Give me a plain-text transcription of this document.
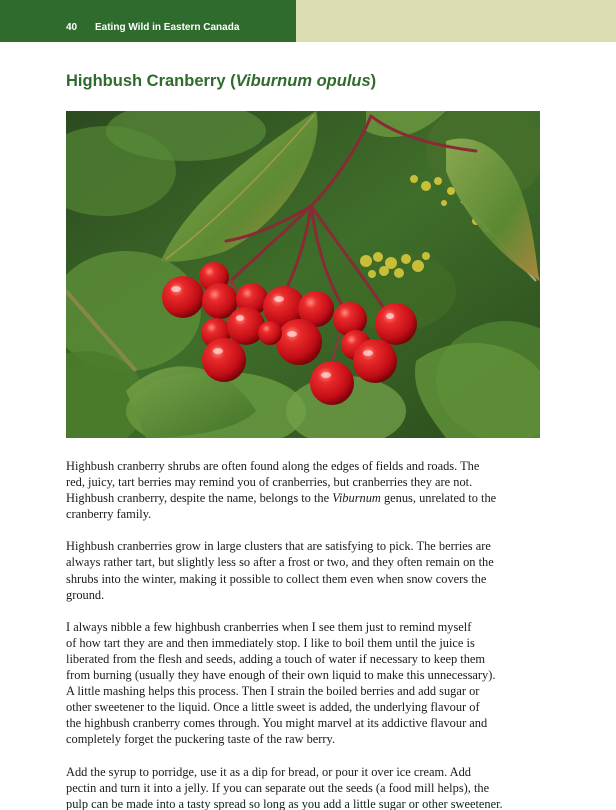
40 Eating Wild in Eastern Canada
Highbush Cranberry (Viburnum opulus)

Highbush cranberry shrubs are often found along the edges of fields and roads. The
red, juicy, tart berries may remind you of cranberries, but cranberries they are not.
Highbush cranberry, despite the name, belongs to the Viburnum genus, unrelated to the
cranberry family.

Highbush cranberries grow in large clusters that are satisfying to pick. The berries are
always rather tart, but slightly less so after a frost or two, and they often remain on the
shrubs into the winter, making it possible to collect them even when snow covers the
ground.

I always nibble a few highbush cranberries when I see them just to remind myself
of how tart they are and then immediately stop. I like to boil them until the juice is
liberated from the flesh and seeds, adding a touch of water if necessary to keep them
from burning (usually they have enough of their own liquid to make this unnecessary).
A little mashing helps this process. Then I strain the boiled berries and add sugar or
other sweetener to the liquid. Once a little sweet is added, the underlying flavour of
the highbush cranberry comes through. You might marvel at its addictive flavour and
completely forget the puckering taste of the raw berry.

Add the syrup to porridge, use it as a dip for bread, or pour it over ice cream. Add
pectin and turn it into a jelly. If you can separate out the seeds (a food mill helps), the
pulp can be made into a tasty spread so long as you add a little sugar or other sweetener.
